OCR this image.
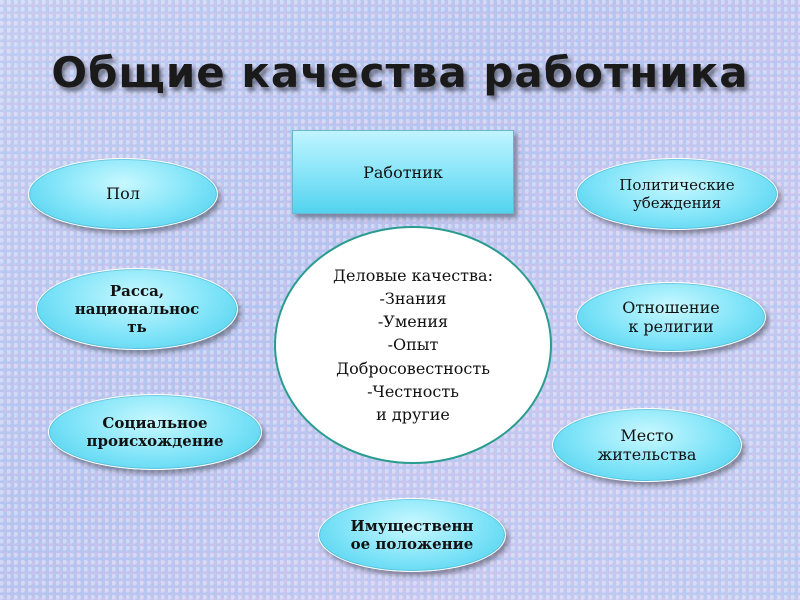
Общие качества работника
Работник
Пол
Расса, национальнос ть
Социальное происхождение
Имущественн ое положение
Политические убеждения
Отношение к религии
Место жительства
Деловые качества:
-Знания
-Умения
-Опыт
Добросовестность
-Честность
и другие
